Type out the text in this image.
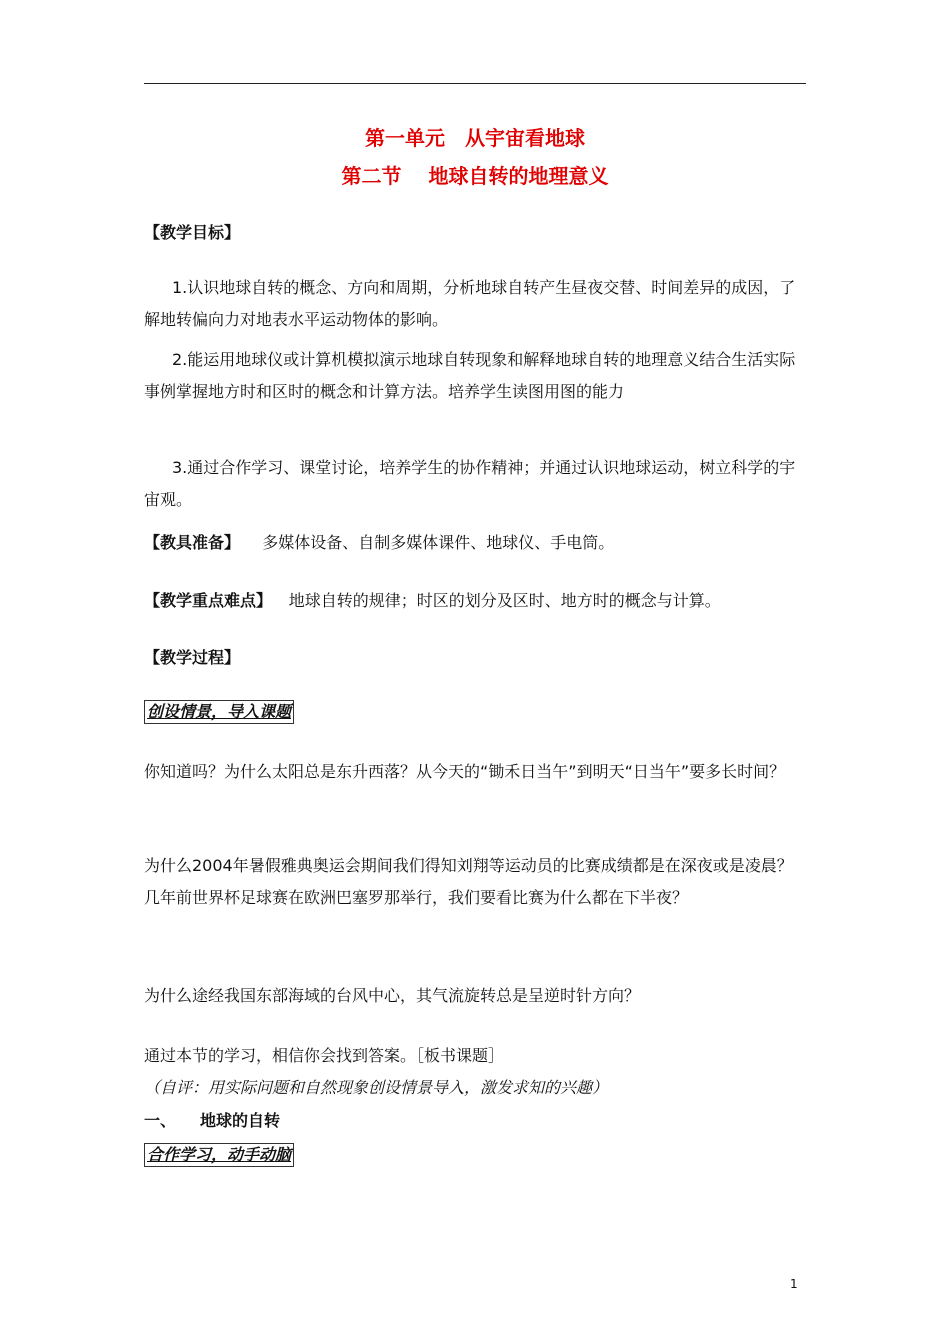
第一单元　从宇宙看地球
第二节　 地球自转的地理意义
【教学目标】

1.认识地球自转的概念、方向和周期，分析地球自转产生昼夜交替、时间差异的成因，了解地转偏向力对地表水平运动物体的影响。

2.能运用地球仪或计算机模拟演示地球自转现象和解释地球自转的地理意义结合生活实际事例掌握地方时和区时的概念和计算方法。培养学生读图用图的能力

3.通过合作学习、课堂讨论，培养学生的协作精神；并通过认识地球运动，树立科学的宇宙观。

【教具准备】 多媒体设备、自制多媒体课件、地球仪、手电筒。
【教学重点难点】 地球自转的规律；时区的划分及区时、地方时的概念与计算。
【教学过程】
创设情景，导入课题

你知道吗？为什么太阳总是东升西落？从今天的“锄禾日当午”到明天“日当午”要多长时间？

为什么2004年暑假雅典奥运会期间我们得知刘翔等运动员的比赛成绩都是在深夜或是凌晨？ 几年前世界杯足球赛在欧洲巴塞罗那举行，我们要看比赛为什么都在下半夜？

为什么途经我国东部海域的台风中心，其气流旋转总是呈逆时针方向？

通过本节的学习，相信你会找到答案。［板书课题］

（自评：用实际问题和自然现象创设情景导入，激发求知的兴趣）
一、　　地球的自转
合作学习，动手动脑
1
